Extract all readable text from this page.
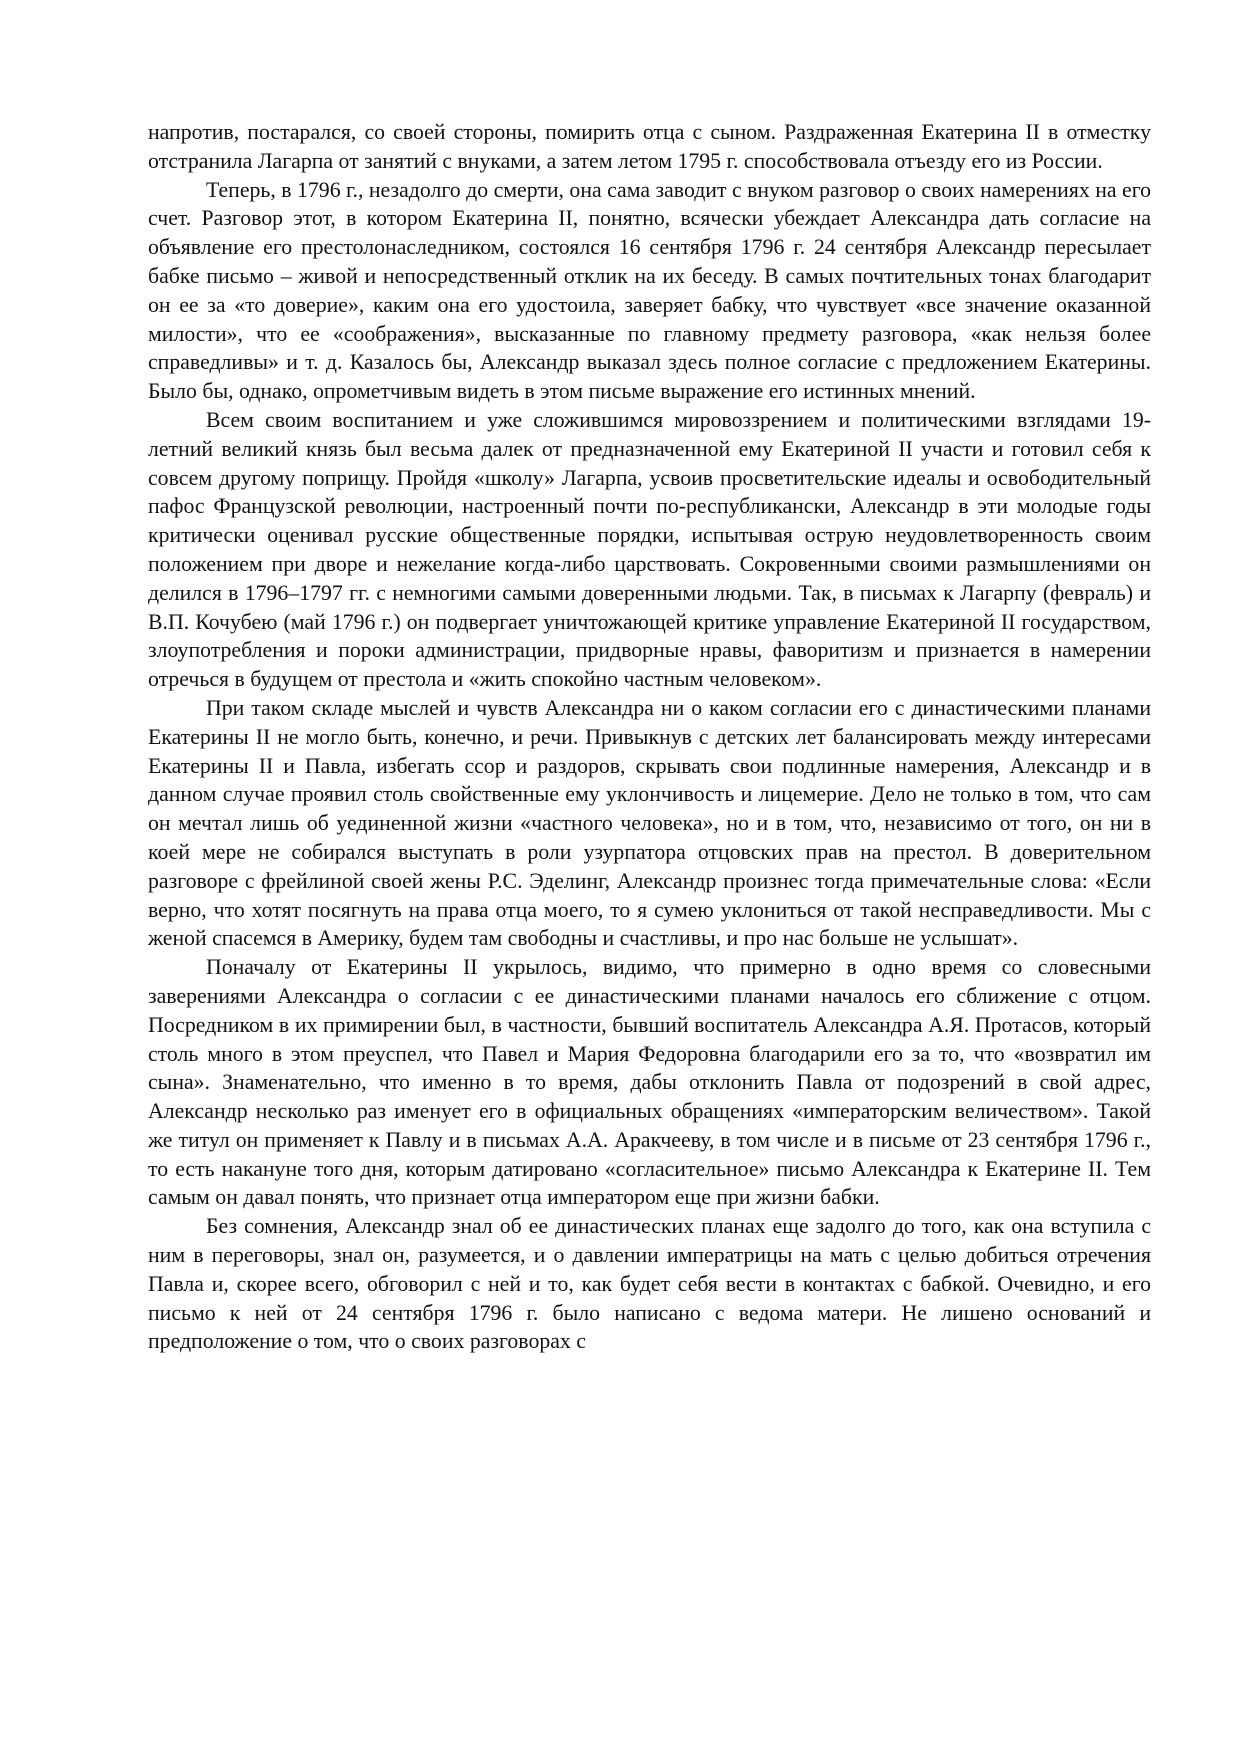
напротив, постарался, со своей стороны, помирить отца с сыном. Раздраженная Екатерина II в отместку отстранила Лагарпа от занятий с внуками, а затем летом 1795 г. способствовала отъезду его из России.

Теперь, в 1796 г., незадолго до смерти, она сама заводит с внуком разговор о своих намерениях на его счет. Разговор этот, в котором Екатерина II, понятно, всячески убеждает Александра дать согласие на объявление его престолонаследником, состоялся 16 сентября 1796 г. 24 сентября Александр пересылает бабке письмо – живой и непосредственный отклик на их беседу. В самых почтительных тонах благодарит он ее за «то доверие», каким она его удостоила, заверяет бабку, что чувствует «все значение оказанной милости», что ее «соображения», высказанные по главному предмету разговора, «как нельзя более справедливы» и т. д. Казалось бы, Александр выказал здесь полное согласие с предложением Екатерины. Было бы, однако, опрометчивым видеть в этом письме выражение его истинных мнений.

Всем своим воспитанием и уже сложившимся мировоззрением и политическими взглядами 19-летний великий князь был весьма далек от предназначенной ему Екатериной II участи и готовил себя к совсем другому поприщу. Пройдя «школу» Лагарпа, усвоив просветительские идеалы и освободительный пафос Французской революции, настроенный почти по-республикански, Александр в эти молодые годы критически оценивал русские общественные порядки, испытывая острую неудовлетворенность своим положением при дворе и нежелание когда-либо царствовать. Сокровенными своими размышлениями он делился в 1796–1797 гг. с немногими самыми доверенными людьми. Так, в письмах к Лагарпу (февраль) и В.П. Кочубею (май 1796 г.) он подвергает уничтожающей критике управление Екатериной II государством, злоупотребления и пороки администрации, придворные нравы, фаворитизм и признается в намерении отречься в будущем от престола и «жить спокойно частным человеком».

При таком складе мыслей и чувств Александра ни о каком согласии его с династическими планами Екатерины II не могло быть, конечно, и речи. Привыкнув с детских лет балансировать между интересами Екатерины II и Павла, избегать ссор и раздоров, скрывать свои подлинные намерения, Александр и в данном случае проявил столь свойственные ему уклончивость и лицемерие. Дело не только в том, что сам он мечтал лишь об уединенной жизни «частного человека», но и в том, что, независимо от того, он ни в коей мере не собирался выступать в роли узурпатора отцовских прав на престол. В доверительном разговоре с фрейлиной своей жены Р.С. Эделинг, Александр произнес тогда примечательные слова: «Если верно, что хотят посягнуть на права отца моего, то я сумею уклониться от такой несправедливости. Мы с женой спасемся в Америку, будем там свободны и счастливы, и про нас больше не услышат».

Поначалу от Екатерины II укрылось, видимо, что примерно в одно время со словесными заверениями Александра о согласии с ее династическими планами началось его сближение с отцом. Посредником в их примирении был, в частности, бывший воспитатель Александра А.Я. Протасов, который столь много в этом преуспел, что Павел и Мария Федоровна благодарили его за то, что «возвратил им сына». Знаменательно, что именно в то время, дабы отклонить Павла от подозрений в свой адрес, Александр несколько раз именует его в официальных обращениях «императорским величеством». Такой же титул он применяет к Павлу и в письмах А.А. Аракчееву, в том числе и в письме от 23 сентября 1796 г., то есть накануне того дня, которым датировано «согласительное» письмо Александра к Екатерине II. Тем самым он давал понять, что признает отца императором еще при жизни бабки.

Без сомнения, Александр знал об ее династических планах еще задолго до того, как она вступила с ним в переговоры, знал он, разумеется, и о давлении императрицы на мать с целью добиться отречения Павла и, скорее всего, обговорил с ней и то, как будет себя вести в контактах с бабкой. Очевидно, и его письмо к ней от 24 сентября 1796 г. было написано с ведома матери. Не лишено оснований и предположение о том, что о своих разговорах с
